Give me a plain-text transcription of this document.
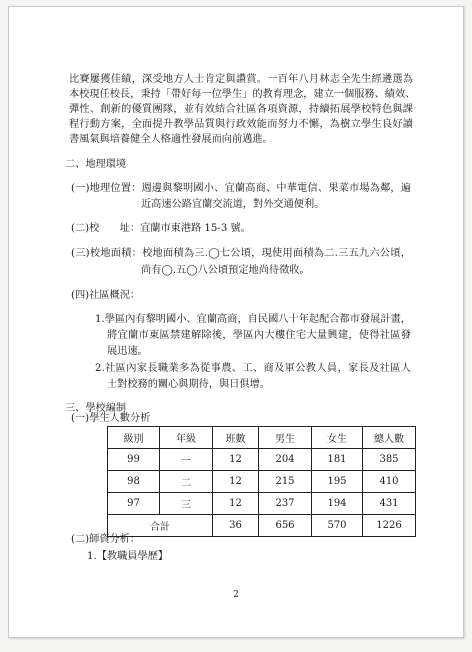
比賽屢獲佳績，深受地方人士肯定與讚賞。一百年八月林志全先生經遴選為
本校現任校長，秉持「帶好每一位學生」的教育理念，建立一個服務、績效、
彈性、創新的優質團隊，並有效結合社區各項資源，持續拓展學校特色與課
程行動方案，全面提升教學品質與行政效能而努力不懈，為樹立學生良好讀
書風氣與培養健全人格適性發展而向前邁進。
二、地理環境
(一)地理位置：週邊與黎明國小、宜蘭高商、中華電信、果菜市場為鄰，遍
近高速公路宜蘭交流道，對外交通便利。
(二)校　　址：宜蘭市東港路 15-3 號。
(三)校地面積：校地面積為三.◯七公頃，現使用面積為二.三五九六公頃，
尚有◯.五◯八公頃預定地尚待徵收。
(四)社區概況：
1.學區內有黎明國小、宜蘭高商，自民國八十年起配合都市發展計畫，
將宜蘭市東區禁建解除後，學區內大樓住宅大量興建，使得社區發
展迅速。
2.社區內家長職業多為從事農、工、商及軍公教人員，家長及社區人
士對校務的關心與期待，與日俱增。
三、學校編制
(一)學生人數分析
級別	年級	班數	男生	女生	總人數
99	一	12	204	181	385
98	二	12	215	195	410
97	三	12	237	194	431
合計		36	656	570	1226
(二)師資分析：
1.【教職員學歷】
2
